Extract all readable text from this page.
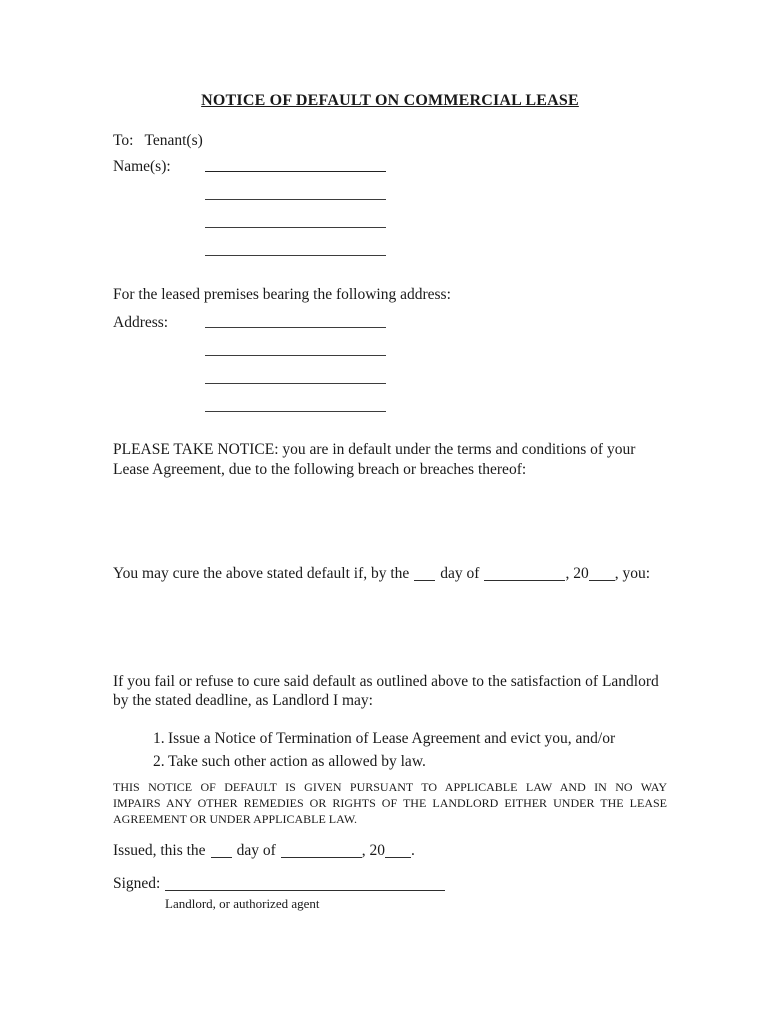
NOTICE OF DEFAULT ON COMMERCIAL LEASE

To: Tenant(s)

Name(s):

For the leased premises bearing the following address:

Address:
PLEASE TAKE NOTICE: you are in default under the terms and conditions of your
Lease Agreement, due to the following breach or breaches thereof:

You may cure the above stated default if, by the day of	, 20 , you:

If you fail or refuse to cure said default as outlined above to the satisfaction of Landlord
by the stated deadline, as Landlord I may:
1. Issue a Notice of Termination of Lease Agreement and evict you, and/or
2. Take such other action as allowed by law.
THIS NOTICE OF DEFAULT IS GIVEN PURSUANT TO APPLICABLE LAW AND IN NO WAY
IMPAIRS ANY OTHER REMEDIES OR RIGHTS OF THE LANDLORD EITHER UNDER THE LEASE
AGREEMENT OR UNDER APPLICABLE LAW.

Issued, this the day of	, 20 .

Signed:

Landlord, or authorized agent
